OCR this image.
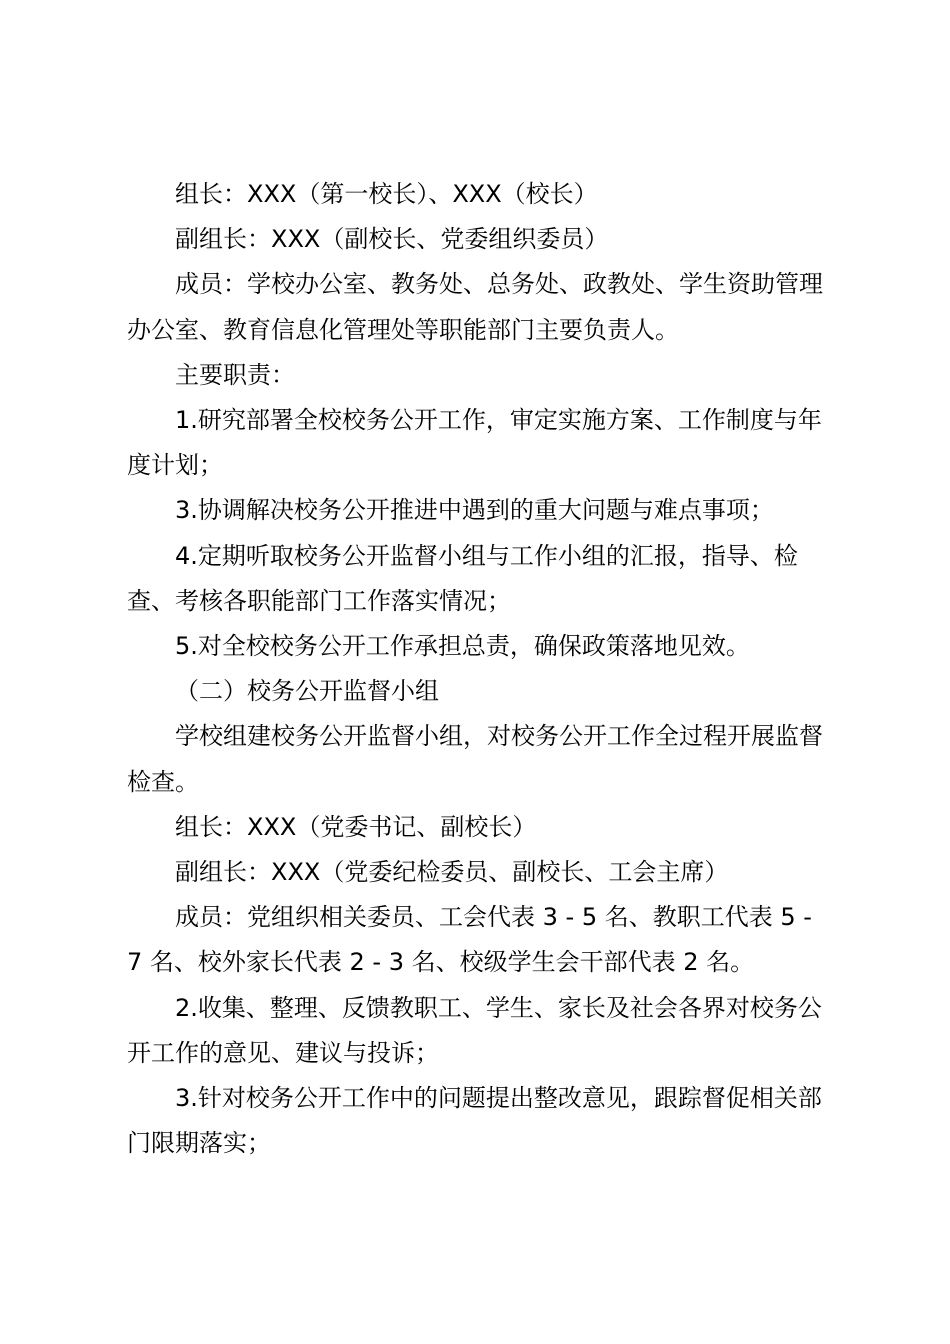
组长：XXX（第一校长）、XXX（校长）

副组长：XXX（副校长、党委组织委员）

成员：学校办公室、教务处、总务处、政教处、学生资助管理办公室、教育信息化管理处等职能部门主要负责人。

主要职责：

1.研究部署全校校务公开工作，审定实施方案、工作制度与年度计划；

3.协调解决校务公开推进中遇到的重大问题与难点事项；

4.定期听取校务公开监督小组与工作小组的汇报，指导、检查、考核各职能部门工作落实情况；

5.对全校校务公开工作承担总责，确保政策落地见效。

（二）校务公开监督小组

学校组建校务公开监督小组，对校务公开工作全过程开展监督检查。

组长：XXX（党委书记、副校长）

副组长：XXX（党委纪检委员、副校长、工会主席）

成员：党组织相关委员、工会代表 3 - 5 名、教职工代表 5 - 7 名、校外家长代表 2 - 3 名、校级学生会干部代表 2 名。

2.收集、整理、反馈教职工、学生、家长及社会各界对校务公开工作的意见、建议与投诉；

3.针对校务公开工作中的问题提出整改意见，跟踪督促相关部门限期落实；
